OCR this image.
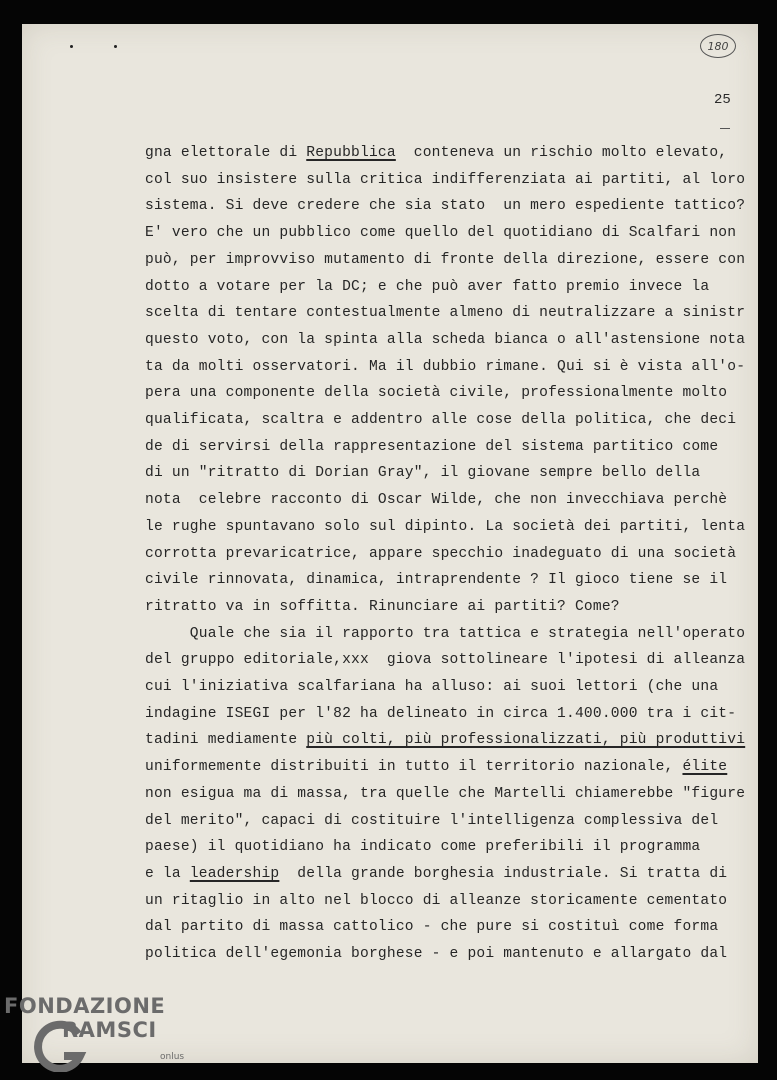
180
25
gna elettorale di Repubblica  conteneva un rischio molto elevato,
col suo insistere sulla critica indifferenziata ai partiti, al loro
sistema. Si deve credere che sia stato  un mero espediente tattico?
E' vero che un pubblico come quello del quotidiano di Scalfari non
può, per improvviso mutamento di fronte della direzione, essere con
dotto a votare per la DC; e che può aver fatto premio invece la
scelta di tentare contestualmente almeno di neutralizzare a sinistr
questo voto, con la spinta alla scheda bianca o all'astensione nota
ta da molti osservatori. Ma il dubbio rimane. Qui si è vista all'o-
pera una componente della società civile, professionalmente molto
qualificata, scaltra e addentro alle cose della politica, che deci
de di servirsi della rappresentazione del sistema partitico come
di un "ritratto di Dorian Gray", il giovane sempre bello della
nota  celebre racconto di Oscar Wilde, che non invecchiava perchè
le rughe spuntavano solo sul dipinto. La società dei partiti, lenta
corrotta prevaricatrice, appare specchio inadeguato di una società
civile rinnovata, dinamica, intraprendente ? Il gioco tiene se il
ritratto va in soffitta. Rinunciare ai partiti? Come?
Quale che sia il rapporto tra tattica e strategia nell'operato
del gruppo editoriale,xxx  giova sottolineare l'ipotesi di alleanza
cui l'iniziativa scalfariana ha alluso: ai suoi lettori (che una
indagine ISEGI per l'82 ha delineato in circa 1.400.000 tra i cit-
tadini mediamente più colti, più professionalizzati, più produttivi
uniformemente distribuiti in tutto il territorio nazionale, élite
non esigua ma di massa, tra quelle che Martelli chiamerebbe "figure
del merito", capaci di costituire l'intelligenza complessiva del
paese) il quotidiano ha indicato come preferibili il programma
e la leadership  della grande borghesia industriale. Si tratta di
un ritaglio in alto nel blocco di alleanze storicamente cementato
dal partito di massa cattolico - che pure si costituì come forma
politica dell'egemonia borghese - e poi mantenuto e allargato dal
FONDAZIONE
RAMSCI
onlus
